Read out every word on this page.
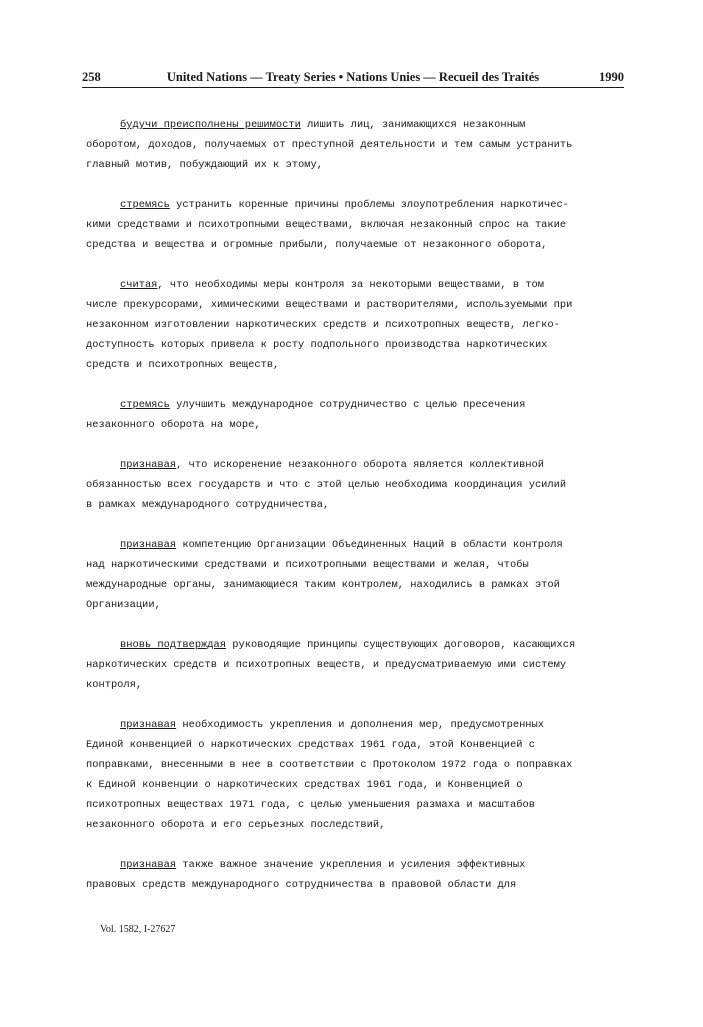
258	United Nations — Treaty Series • Nations Unies — Recueil des Traités	1990
будучи преисполнены решимости лишить лиц, занимающихся незаконным
оборотом, доходов, получаемых от преступной деятельности и тем самым устранить
главный мотив, побуждающий их к этому,
стремясь устранить коренные причины проблемы злоупотребления наркотичес-
кими средствами и психотропными веществами, включая незаконный спрос на такие
средства и вещества и огромные прибыли, получаемые от незаконного оборота,
считая, что необходимы меры контроля за некоторыми веществами, в том
числе прекурсорами, химическими веществами и растворителями, используемыми при
незаконном изготовлении наркотических средств и психотропных веществ, легко-
доступность которых привела к росту подпольного производства наркотических
средств и психотропных веществ,
стремясь улучшить международное сотрудничество с целью пресечения
незаконного оборота на море,
признавая, что искоренение незаконного оборота является коллективной
обязанностью всех государств и что с этой целью необходима координация усилий
в рамках международного сотрудничества,
признавая компетенцию Организации Объединенных Наций в области контроля
над наркотическими средствами и психотропными веществами и желая, чтобы
международные органы, занимающиеся таким контролем, находились в рамках этой
Организации,
вновь подтверждая руководящие принципы существующих договоров, касающихся
наркотических средств и психотропных веществ, и предусматриваемую ими систему
контроля,
признавая необходимость укрепления и дополнения мер, предусмотренных
Единой конвенцией о наркотических средствах 1961 года, этой Конвенцией с
поправками, внесенными в нее в соответствии с Протоколом 1972 года о поправках
к Единой конвенции о наркотических средствах 1961 года, и Конвенцией о
психотропных веществах 1971 года, с целью уменьшения размаха и масштабов
незаконного оборота и его серьезных последствий,
признавая также важное значение укрепления и усиления эффективных
правовых средств международного сотрудничества в правовой области для
Vol. 1582, I-27627
